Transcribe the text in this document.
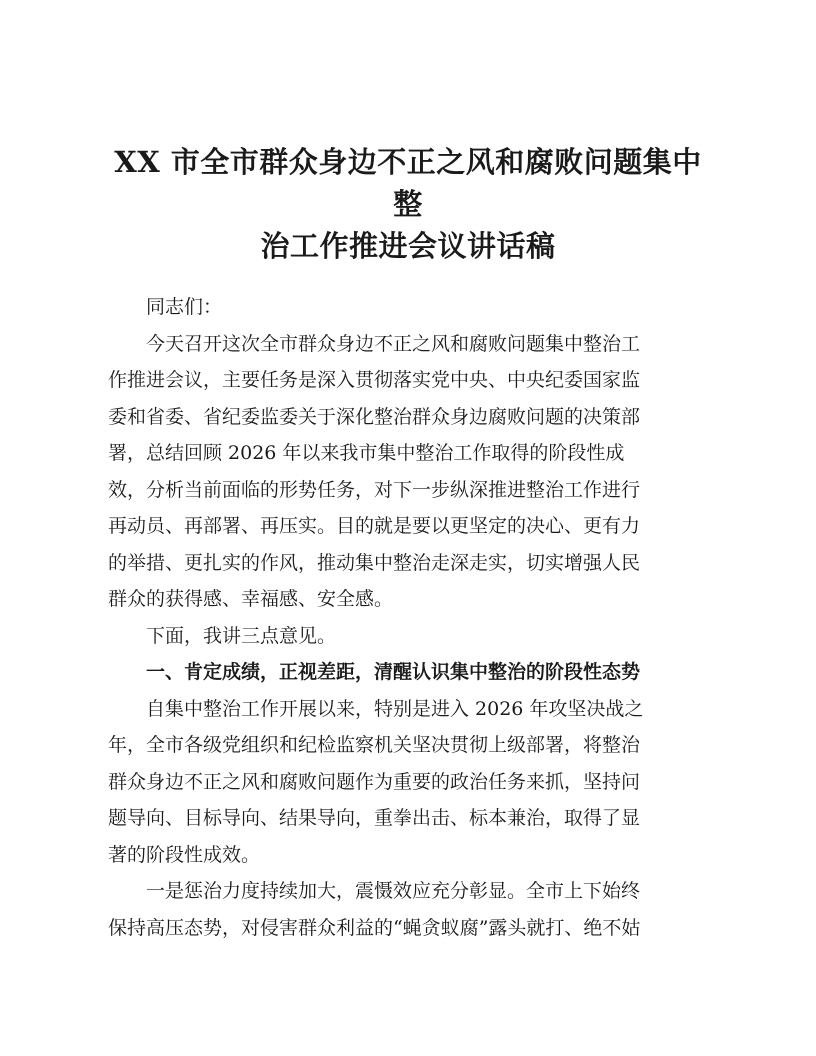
XX 市全市群众身边不正之风和腐败问题集中整
治工作推进会议讲话稿

同志们：

今天召开这次全市群众身边不正之风和腐败问题集中整治工
作推进会议，主要任务是深入贯彻落实党中央、中央纪委国家监
委和省委、省纪委监委关于深化整治群众身边腐败问题的决策部
署，总结回顾 2026 年以来我市集中整治工作取得的阶段性成
效，分析当前面临的形势任务，对下一步纵深推进整治工作进行
再动员、再部署、再压实。目的就是要以更坚定的决心、更有力
的举措、更扎实的作风，推动集中整治走深走实，切实增强人民
群众的获得感、幸福感、安全感。

下面，我讲三点意见。

一、肯定成绩，正视差距，清醒认识集中整治的阶段性态势

自集中整治工作开展以来，特别是进入 2026 年攻坚决战之
年，全市各级党组织和纪检监察机关坚决贯彻上级部署，将整治
群众身边不正之风和腐败问题作为重要的政治任务来抓，坚持问
题导向、目标导向、结果导向，重拳出击、标本兼治，取得了显
著的阶段性成效。

一是惩治力度持续加大，震慑效应充分彰显。全市上下始终
保持高压态势，对侵害群众利益的“蝇贪蚁腐”露头就打、绝不姑
